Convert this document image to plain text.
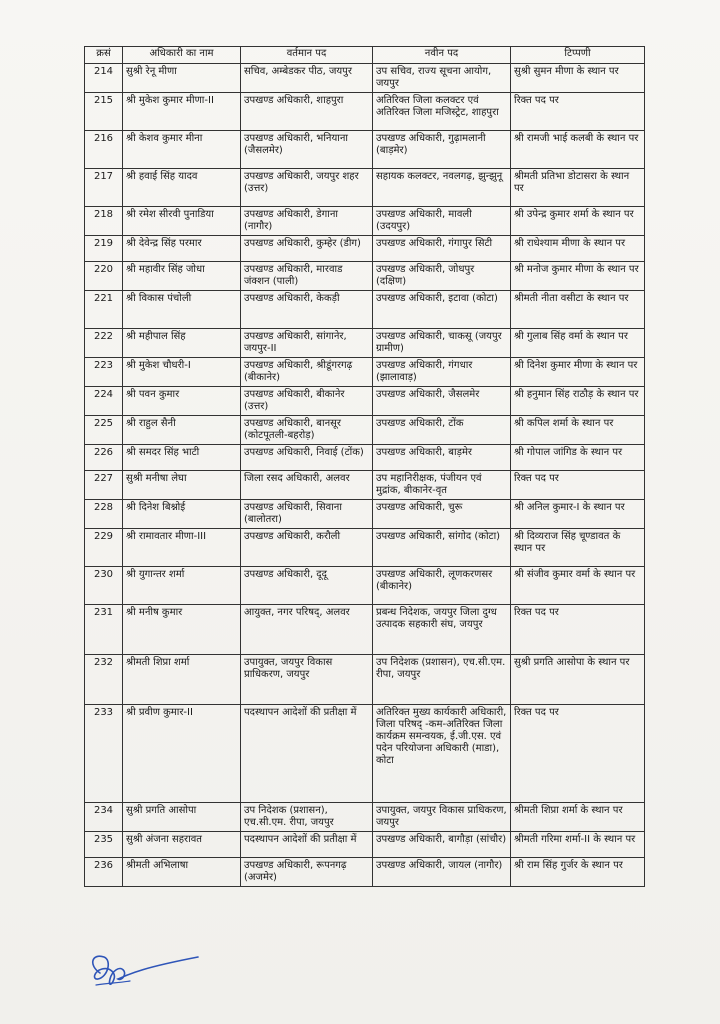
क्रसं	अधिकारी का नाम	वर्तमान पद	नवीन पद	टिप्पणी
214	सुश्री रेनू मीणा	सचिव, अम्बेडकर पीठ, जयपुर	उप सचिव, राज्य सूचना आयोग, जयपुर	सुश्री सुमन मीणा के स्थान पर
215	श्री मुकेश कुमार मीणा-II	उपखण्ड अधिकारी, शाहपुरा	अतिरिक्त जिला कलक्टर एवं अतिरिक्त जिला मजिस्ट्रेट, शाहपुरा	रिक्त पद पर
216	श्री केशव कुमार मीना	उपखण्ड अधिकारी, भनियाना (जैसलमेर)	उपखण्ड अधिकारी, गुढ़ामलानी (बाड़मेर)	श्री रामजी भाई कलबी के स्थान पर
217	श्री हवाई सिंह यादव	उपखण्ड अधिकारी, जयपुर शहर (उत्तर)	सहायक कलक्टर, नवलगढ़, झुन्झुनू	श्रीमती प्रतिभा डोटासरा के स्थान पर
218	श्री रमेश सीरवी पुनाडिया	उपखण्ड अधिकारी, डेगाना (नागौर)	उपखण्ड अधिकारी, मावली (उदयपुर)	श्री उपेन्द्र कुमार शर्मा के स्थान पर
219	श्री देवेन्द्र सिंह परमार	उपखण्ड अधिकारी, कुम्हेर (डीग)	उपखण्ड अधिकारी, गंगापुर सिटी	श्री राधेश्याम मीणा के स्थान पर
220	श्री महावीर सिंह जोधा	उपखण्ड अधिकारी, मारवाड जंक्शन (पाली)	उपखण्ड अधिकारी, जोधपुर (दक्षिण)	श्री मनोज कुमार मीणा के स्थान पर
221	श्री विकास पंचोली	उपखण्ड अधिकारी, केकड़ी	उपखण्ड अधिकारी, इटावा (कोटा)	श्रीमती नीता वसीटा के स्थान पर
222	श्री महीपाल सिंह	उपखण्ड अधिकारी, सांगानेर, जयपुर-II	उपखण्ड अधिकारी, चाकसू (जयपुर ग्रामीण)	श्री गुलाब सिंह वर्मा के स्थान पर
223	श्री मुकेश चौधरी-I	उपखण्ड अधिकारी, श्रीडूंगरगढ़ (बीकानेर)	उपखण्ड अधिकारी, गंगधार (झालावाड़)	श्री दिनेश कुमार मीणा के स्थान पर
224	श्री पवन कुमार	उपखण्ड अधिकारी, बीकानेर (उत्तर)	उपखण्ड अधिकारी, जैसलमेर	श्री हनुमान सिंह राठौड़ के स्थान पर
225	श्री राहुल सैनी	उपखण्ड अधिकारी, बानसूर (कोटपूतली-बहरोड़)	उपखण्ड अधिकारी, टोंक	श्री कपिल शर्मा के स्थान पर
226	श्री समदर सिंह भाटी	उपखण्ड अधिकारी, निवाई (टोंक)	उपखण्ड अधिकारी, बाड़मेर	श्री गोपाल जांगिड के स्थान पर
227	सुश्री मनीषा लेघा	जिला रसद अधिकारी, अलवर	उप महानिरीक्षक, पंजीयन एवं मुद्रांक, बीकानेर-वृत	रिक्त पद पर
228	श्री दिनेश बिश्नोई	उपखण्ड अधिकारी, सिवाना (बालोतरा)	उपखण्ड अधिकारी, चुरू	श्री अनिल कुमार-I के स्थान पर
229	श्री रामावतार मीणा-III	उपखण्ड अधिकारी, करौली	उपखण्ड अधिकारी, सांगोद (कोटा)	श्री दिव्यराज सिंह चूण्डावत के स्थान पर
230	श्री युगान्तर शर्मा	उपखण्ड अधिकारी, दूदू	उपखण्ड अधिकारी, लूणकरणसर (बीकानेर)	श्री संजीव कुमार वर्मा के स्थान पर
231	श्री मनीष कुमार	आयुक्त, नगर परिषद्, अलवर	प्रबन्ध निदेशक, जयपुर जिला दुग्ध उत्पादक सहकारी संघ, जयपुर	रिक्त पद पर
232	श्रीमती शिप्रा शर्मा	उपायुक्त, जयपुर विकास प्राधिकरण, जयपुर	उप निदेशक (प्रशासन), एच.सी.एम. रीपा, जयपुर	सुश्री प्रगति आसोपा के स्थान पर
233	श्री प्रवीण कुमार-II	पदस्थापन आदेशों की प्रतीक्षा में	अतिरिक्त मुख्य कार्यकारी अधिकारी, जिला परिषद् -कम-अतिरिक्त जिला कार्यक्रम समन्वयक, ई.जी.एस. एवं पदेन परियोजना अधिकारी (माडा), कोटा	रिक्त पद पर
234	सुश्री प्रगति आसोपा	उप निदेशक (प्रशासन), एच.सी.एम. रीपा, जयपुर	उपायुक्त, जयपुर विकास प्राधिकरण, जयपुर	श्रीमती शिप्रा शर्मा के स्थान पर
235	सुश्री अंजना सहरावत	पदस्थापन आदेशों की प्रतीक्षा में	उपखण्ड अधिकारी, बागौड़ा (सांचौर)	श्रीमती गरिमा शर्मा-II के स्थान पर
236	श्रीमती अभिलाषा	उपखण्ड अधिकारी, रूपनगढ़ (अजमेर)	उपखण्ड अधिकारी, जायल (नागौर)	श्री राम सिंह गुर्जर के स्थान पर
